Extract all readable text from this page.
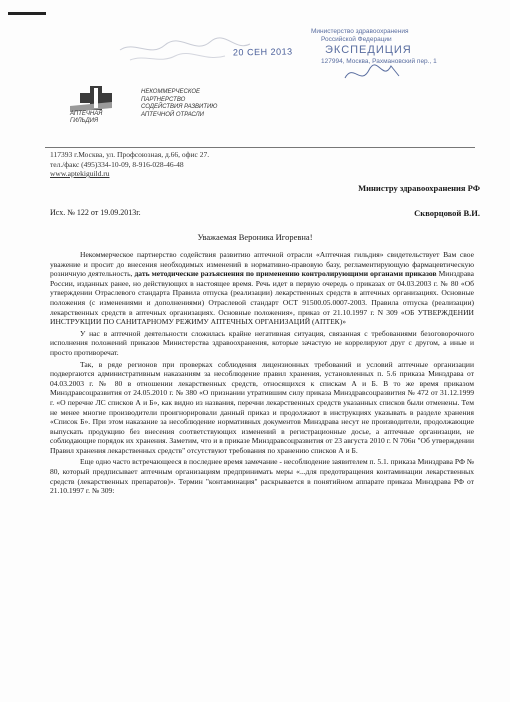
20 СЕН 2013
Министерство здравоохранения
Российской Федерации
ЭКСПЕДИЦИЯ
127994, Москва, Рахмановский пер., 1
АПТЕЧНАЯ ГИЛЬДИЯ
НЕКОММЕРЧЕСКОЕ
ПАРТНЕРСТВО
СОДЕЙСТВИЯ РАЗВИТИЮ
АПТЕЧНОЙ ОТРАСЛИ
117393 г.Москва, ул. Профсоюзная, д.66, офис 27.
тел./факс (495)334-10-09, 8-916-028-46-48
www.aptekiguild.ru
Министру здравоохранения РФ
Исх. № 122 от 19.09.2013г.	Скворцовой В.И.
Уважаемая Вероника Игоревна!

Некоммерческое партнерство содействия развитию аптечной отрасли «Аптечная гильдия» свидетельствует Вам свое уважение и просит до внесения необходимых изменений в нормативно-правовую базу, регламентирующую фармацевтическую розничную деятельность, дать методические разъяснения по применению контролирующими органами приказов Минздрава России, изданных ранее, но действующих в настоящее время. Речь идет в первую очередь о приказах от 04.03.2003 г. № 80 «Об утверждении Отраслевого стандарта Правила отпуска (реализации) лекарственных средств в аптечных организациях. Основные положения (с изменениями и дополнениями) Отраслевой стандарт ОСТ 91500.05.0007-2003. Правила отпуска (реализации) лекарственных средств в аптечных организациях. Основные положения», приказ от 21.10.1997 г. N 309 «ОБ УТВЕРЖДЕНИИ ИНСТРУКЦИИ ПО САНИТАРНОМУ РЕЖИМУ АПТЕЧНЫХ ОРГАНИЗАЦИЙ (АПТЕК)»

У нас в аптечной деятельности сложилась крайне негативная ситуация, связанная с требованиями безоговорочного исполнения положений приказов Министерства здравоохранения, которые зачастую не коррелируют друг с другом, а иные и просто противоречат.

Так, в ряде регионов при проверках соблюдения лицензионных требований и условий аптечные организации подвергаются административным наказаниям за несоблюдение правил хранения, установленных п. 5.6 приказа Минздрава от 04.03.2003 г. № 80 в отношении лекарственных средств, относящихся к спискам А и Б. В то же время приказом Минздравсоцразвития от 24.05.2010 г. № 380 «О признании утратившим силу приказа Минздравсоцразвития № 472 от 31.12.1999 г. «О перечне ЛС списков А и Б», как видно из названия, перечни лекарственных средств указанных списков были отменены. Тем не менее многие производители проигнорировали данный приказ и продолжают в инструкциях указывать в разделе хранения «Список Б». При этом наказание за несоблюдение нормативных документов Минздрава несут не производители, продолжающие выпускать продукцию без внесения соответствующих изменений в регистрационные досье, а аптечные организации, не соблюдающие порядок их хранения. Заметим, что и в приказе Минздравсоцразвития от 23 августа 2010 г. N 706н "Об утверждении Правил хранения лекарственных средств" отсутствуют требования по хранению списков А и Б.

Еще одно часто встречающееся в последнее время замечание - несоблюдение заявителем п. 5.1. приказа Минздрава РФ № 80, который предписывает аптечным организациям предпринимать меры «...для предотвращения контаминации лекарственных средств (лекарственных препаратов)». Термин "контаминация" раскрывается в понятийном аппарате приказа Минздрава РФ от 21.10.1997 г. № 309:
